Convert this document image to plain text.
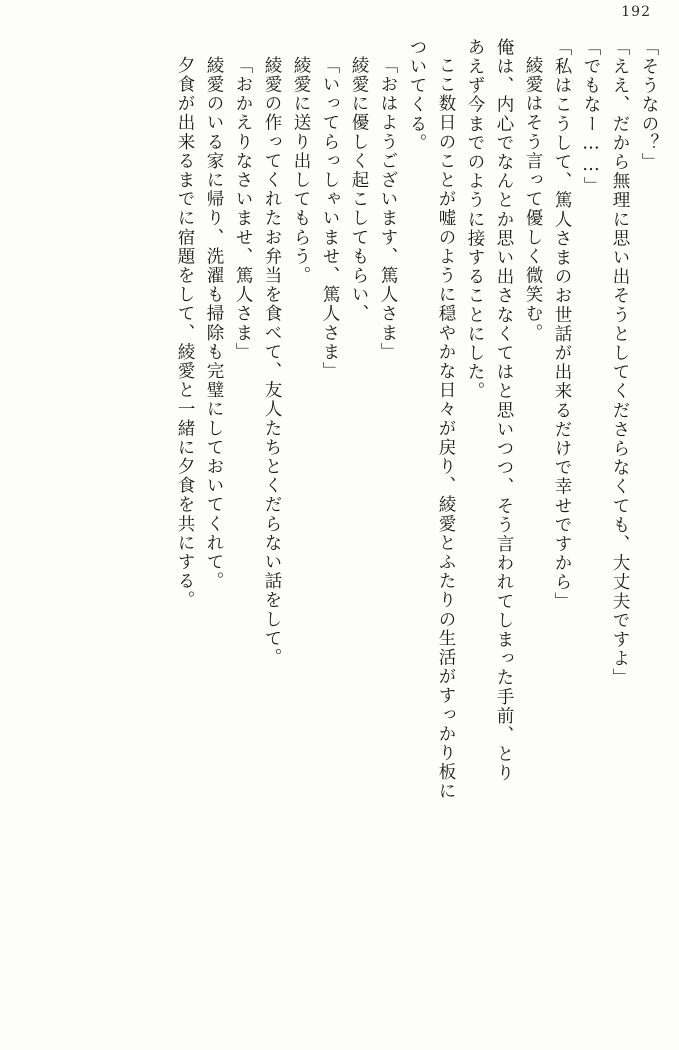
192
「そうなの？」
「ええ、だから無理に思い出そうとしてくださらなくても、大丈夫ですよ」
「でもなー……」
「私はこうして、篤人さまのお世話が出来るだけで幸せですから」
綾愛はそう言って優しく微笑む。
俺は、内心でなんとか思い出さなくてはと思いつつ、そう言われてしまった手前、とり
あえず今までのように接することにした。
ここ数日のことが嘘のように穏やかな日々が戻り、綾愛とふたりの生活がすっかり板に
ついてくる。
「おはようございます、篤人さま」
綾愛に優しく起こしてもらい、
「いってらっしゃいませ、篤人さま」
綾愛に送り出してもらう。
綾愛の作ってくれたお弁当を食べて、友人たちとくだらない話をして。
「おかえりなさいませ、篤人さま」
綾愛のいる家に帰り、洗濯も掃除も完璧にしておいてくれて。
夕食が出来るまでに宿題をして、綾愛と一緒に夕食を共にする。
